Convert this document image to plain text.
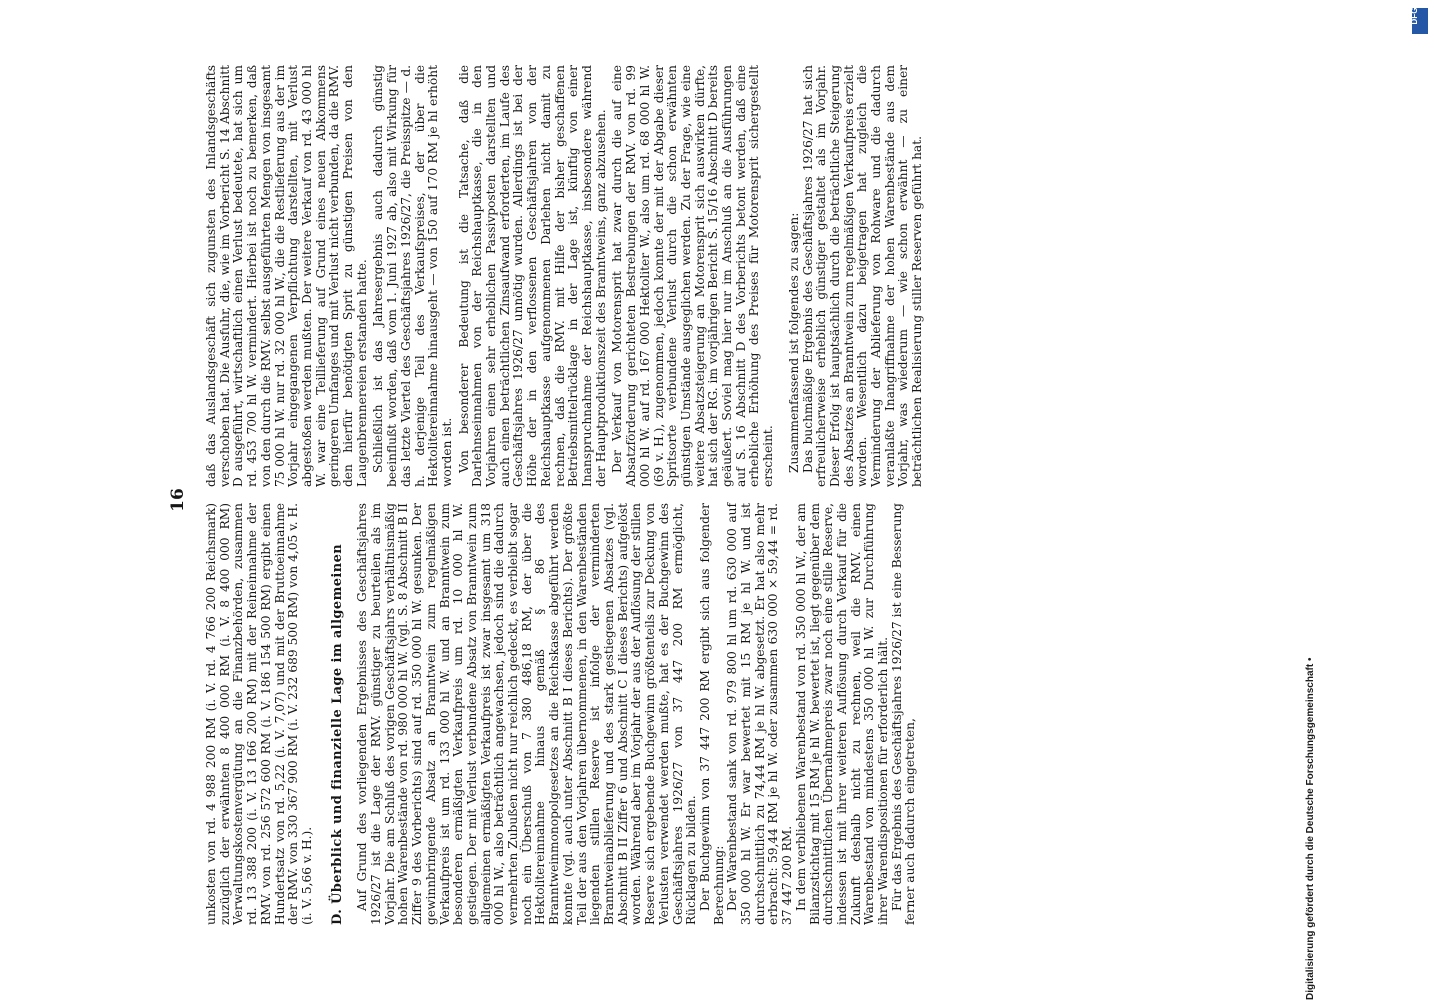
16

unkosten von rd. 4 988 200 RM (i. V. rd. 4 766 200 Reichsmark) zuzüglich der erwähnten 8 400 000 RM (i. V. 8 400 000 RM) Verwaltungskostenvergütung an die Finanzbehörden, zusammen rd. 13 388 200 (i. V. 13 166 200 RM) mit der Reineinnahme der RMV. von rd. 256 572 600 RM (i. V. 186 154 500 RM) ergibt einen Hundertsatz von rd. 5,22 (i. V. 7,07) und mit der Bruttoeinnahme der RMV. von 330 367 900 RM (i. V. 232 689 500 RM) von 4,05 v. H. (i. V. 5,66 v. H.). D. Überblick und finanzielle Lage im allgemeinen Auf Grund des vorliegenden Ergebnisses des Geschäftsjahres 1926/27 ist die Lage der RMV. günstiger zu beurteilen als im Vorjahr. Die am Schluß des vorigen Geschäftsjahrs verhältnismäßig hohen Warenbestände von rd. 980 000 hl W. (vgl. S. 8 Abschnitt B II Ziffer 9 des Vorberichts) sind auf rd. 350 000 hl W. gesunken. Der gewinnbringende Absatz an Branntwein zum regelmäßigen Verkaufpreis ist um rd. 133 000 hl W. und an Branntwein zum besonderen ermäßigten Verkaufpreis um rd. 10 000 hl W. gestiegen. Der mit Verlust verbundene Absatz von Branntwein zum allgemeinen ermäßigten Verkaufpreis ist zwar insgesamt um 318 000 hl W., also beträchtlich angewachsen, jedoch sind die dadurch vermehrten Zubußen nicht nur reichlich gedeckt, es verbleibt sogar noch ein Überschuß von 7 380 486,18 RM, der über die Hektolitereinnahme hinaus gemäß § 86 des Branntweinmonopolgesetzes an die Reichskasse abgeführt werden konnte (vgl. auch unter Abschnitt B I dieses Berichts). Der größte Teil der aus den Vorjahren übernommenen, in den Warenbeständen liegenden stillen Reserve ist infolge der verminderten Branntweinablieferung und des stark gestiegenen Absatzes (vgl. Abschnitt B II Ziffer 6 und Abschnitt C I dieses Berichts) aufgelöst worden. Während aber im Vorjahr der aus der Auflösung der stillen Reserve sich ergebende Buchgewinn größtenteils zur Deckung von Verlusten verwendet werden mußte, hat es der Buchgewinn des Geschäftsjahres 1926/27 von 37 447 200 RM ermöglicht, Rücklagen zu bilden. Der Buchgewinn von 37 447 200 RM ergibt sich aus folgender Berechnung: Der Warenbestand sank von rd. 979 800 hl um rd. 630 000 auf 350 000 hl W. Er war bewertet mit 15 RM je hl W. und ist durchschnittlich zu 74,44 RM je hl W. abgesetzt. Er hat also mehr erbracht: 59,44 RM je hl W. oder zusammen 630 000 × 59,44 = rd. 37 447 200 RM. In dem verbliebenen Warenbestand von rd. 350 000 hl W., der am Bilanzstichtag mit 15 RM je hl W. bewertet ist, liegt gegenüber dem durchschnittlichen Übernahmepreis zwar noch eine stille Reserve, indessen ist mit ihrer weiteren Auflösung durch Verkauf für die Zukunft deshalb nicht zu rechnen, weil die RMV. einen Warenbestand von mindestens 350 000 hl W. zur Durchführung ihrer Warendispositionen für erforderlich hält. Für das Ergebnis des Geschäftsjahres 1926/27 ist eine Besserung ferner auch dadurch eingetreten,

daß das Auslandsgeschäft sich zugunsten des Inlandsgeschäfts verschoben hat. Die Ausfuhr, die, wie im Vorbericht S. 14 Abschnitt D ausgeführt, wirtschaftlich einen Verlust bedeutete, hat sich um rd. 453 700 hl W. vermindert. Hierbei ist noch zu bemerken, daß von den durch die RMV. selbst ausgeführten Mengen von insgesamt 75 000 hl W. nur rd. 32 000 hl W., die die Restlieferung aus der im Vorjahr eingegangenen Verpflichtung darstellten, mit Verlust abgestoßen werden mußten. Der weitere Verkauf von rd. 43 000 hl W. war eine Teillieferung auf Grund eines neuen Abkommens geringeren Umfanges und mit Verlust nicht verbunden, da die RMV. den hierfür benötigten Sprit zu günstigen Preisen von den Laugenbrennereien erstanden hatte. Schließlich ist das Jahresergebnis auch dadurch günstig beeinflußt worden, daß vom 1. Juni 1927 ab, also mit Wirkung für das letzte Viertel des Geschäftsjahres 1926/27, die Preisspitze — d. h. derjenige Teil des Verkaufspreises, der über die Hektolitereinnahme hinausgeht — von 150 auf 170 RM je hl erhöht worden ist. Von besonderer Bedeutung ist die Tatsache, daß die Darlehnseinnahmen von der Reichshauptkasse, die in den Vorjahren einen sehr erheblichen Passivposten darstellten und auch einen beträchtlichen Zinsaufwand erforderten, im Laufe des Geschäftsjahres 1926/27 unnötig wurden. Allerdings ist bei der Höhe der in den verflossenen Geschäftsjahren von der Reichshauptkasse aufgenommenen Darlehen nicht damit zu rechnen, daß die RMV. mit Hilfe der bisher geschaffenen Betriebsmittelrücklage in der Lage ist, künftig von einer Inanspruchnahme der Reichshauptkasse, insbesondere während der Hauptproduktionszeit des Branntweins, ganz abzusehen. Der Verkauf von Motorensprit hat zwar durch die auf eine Absatzförderung gerichteten Bestrebungen der RMV. von rd. 99 000 hl W. auf rd. 167 000 Hektoliter W., also um rd. 68 000 hl W. (69 v. H.), zugenommen, jedoch konnte der mit der Abgabe dieser Spritsorte verbundene Verlust durch die schon erwähnten günstigen Umstände ausgeglichen werden. Zu der Frage, wie eine weitere Absatzsteigerung an Motorensprit sich auswirken dürfte, hat sich der RG. im vorjährigen Bericht S. 15/16 Abschnitt D bereits geäußert. Soviel mag hier nur im Anschluß an die Ausführungen auf S. 16 Abschnitt D des Vorberichts betont werden, daß eine erhebliche Erhöhung des Preises für Motorensprit sichergestellt erscheint. Zusammenfassend ist folgendes zu sagen: Das buchmäßige Ergebnis des Geschäftsjahres 1926/27 hat sich erfreulicherweise erheblich günstiger gestaltet als im Vorjahr. Dieser Erfolg ist hauptsächlich durch die beträchtliche Steigerung des Absatzes an Branntwein zum regelmäßigen Verkaufpreis erzielt worden. Wesentlich dazu beigetragen hat zugleich die Verminderung der Ablieferung von Rohware und die dadurch veranlaßte Inangriffnahme der hohen Warenbestände aus dem Vorjahr, was wiederum — wie schon erwähnt — zu einer beträchtlichen Realisierung stiller Reserven geführt hat.

Digitalisierung gefördert durch die Deutsche Forschungsgemeinschaft •
DFG
